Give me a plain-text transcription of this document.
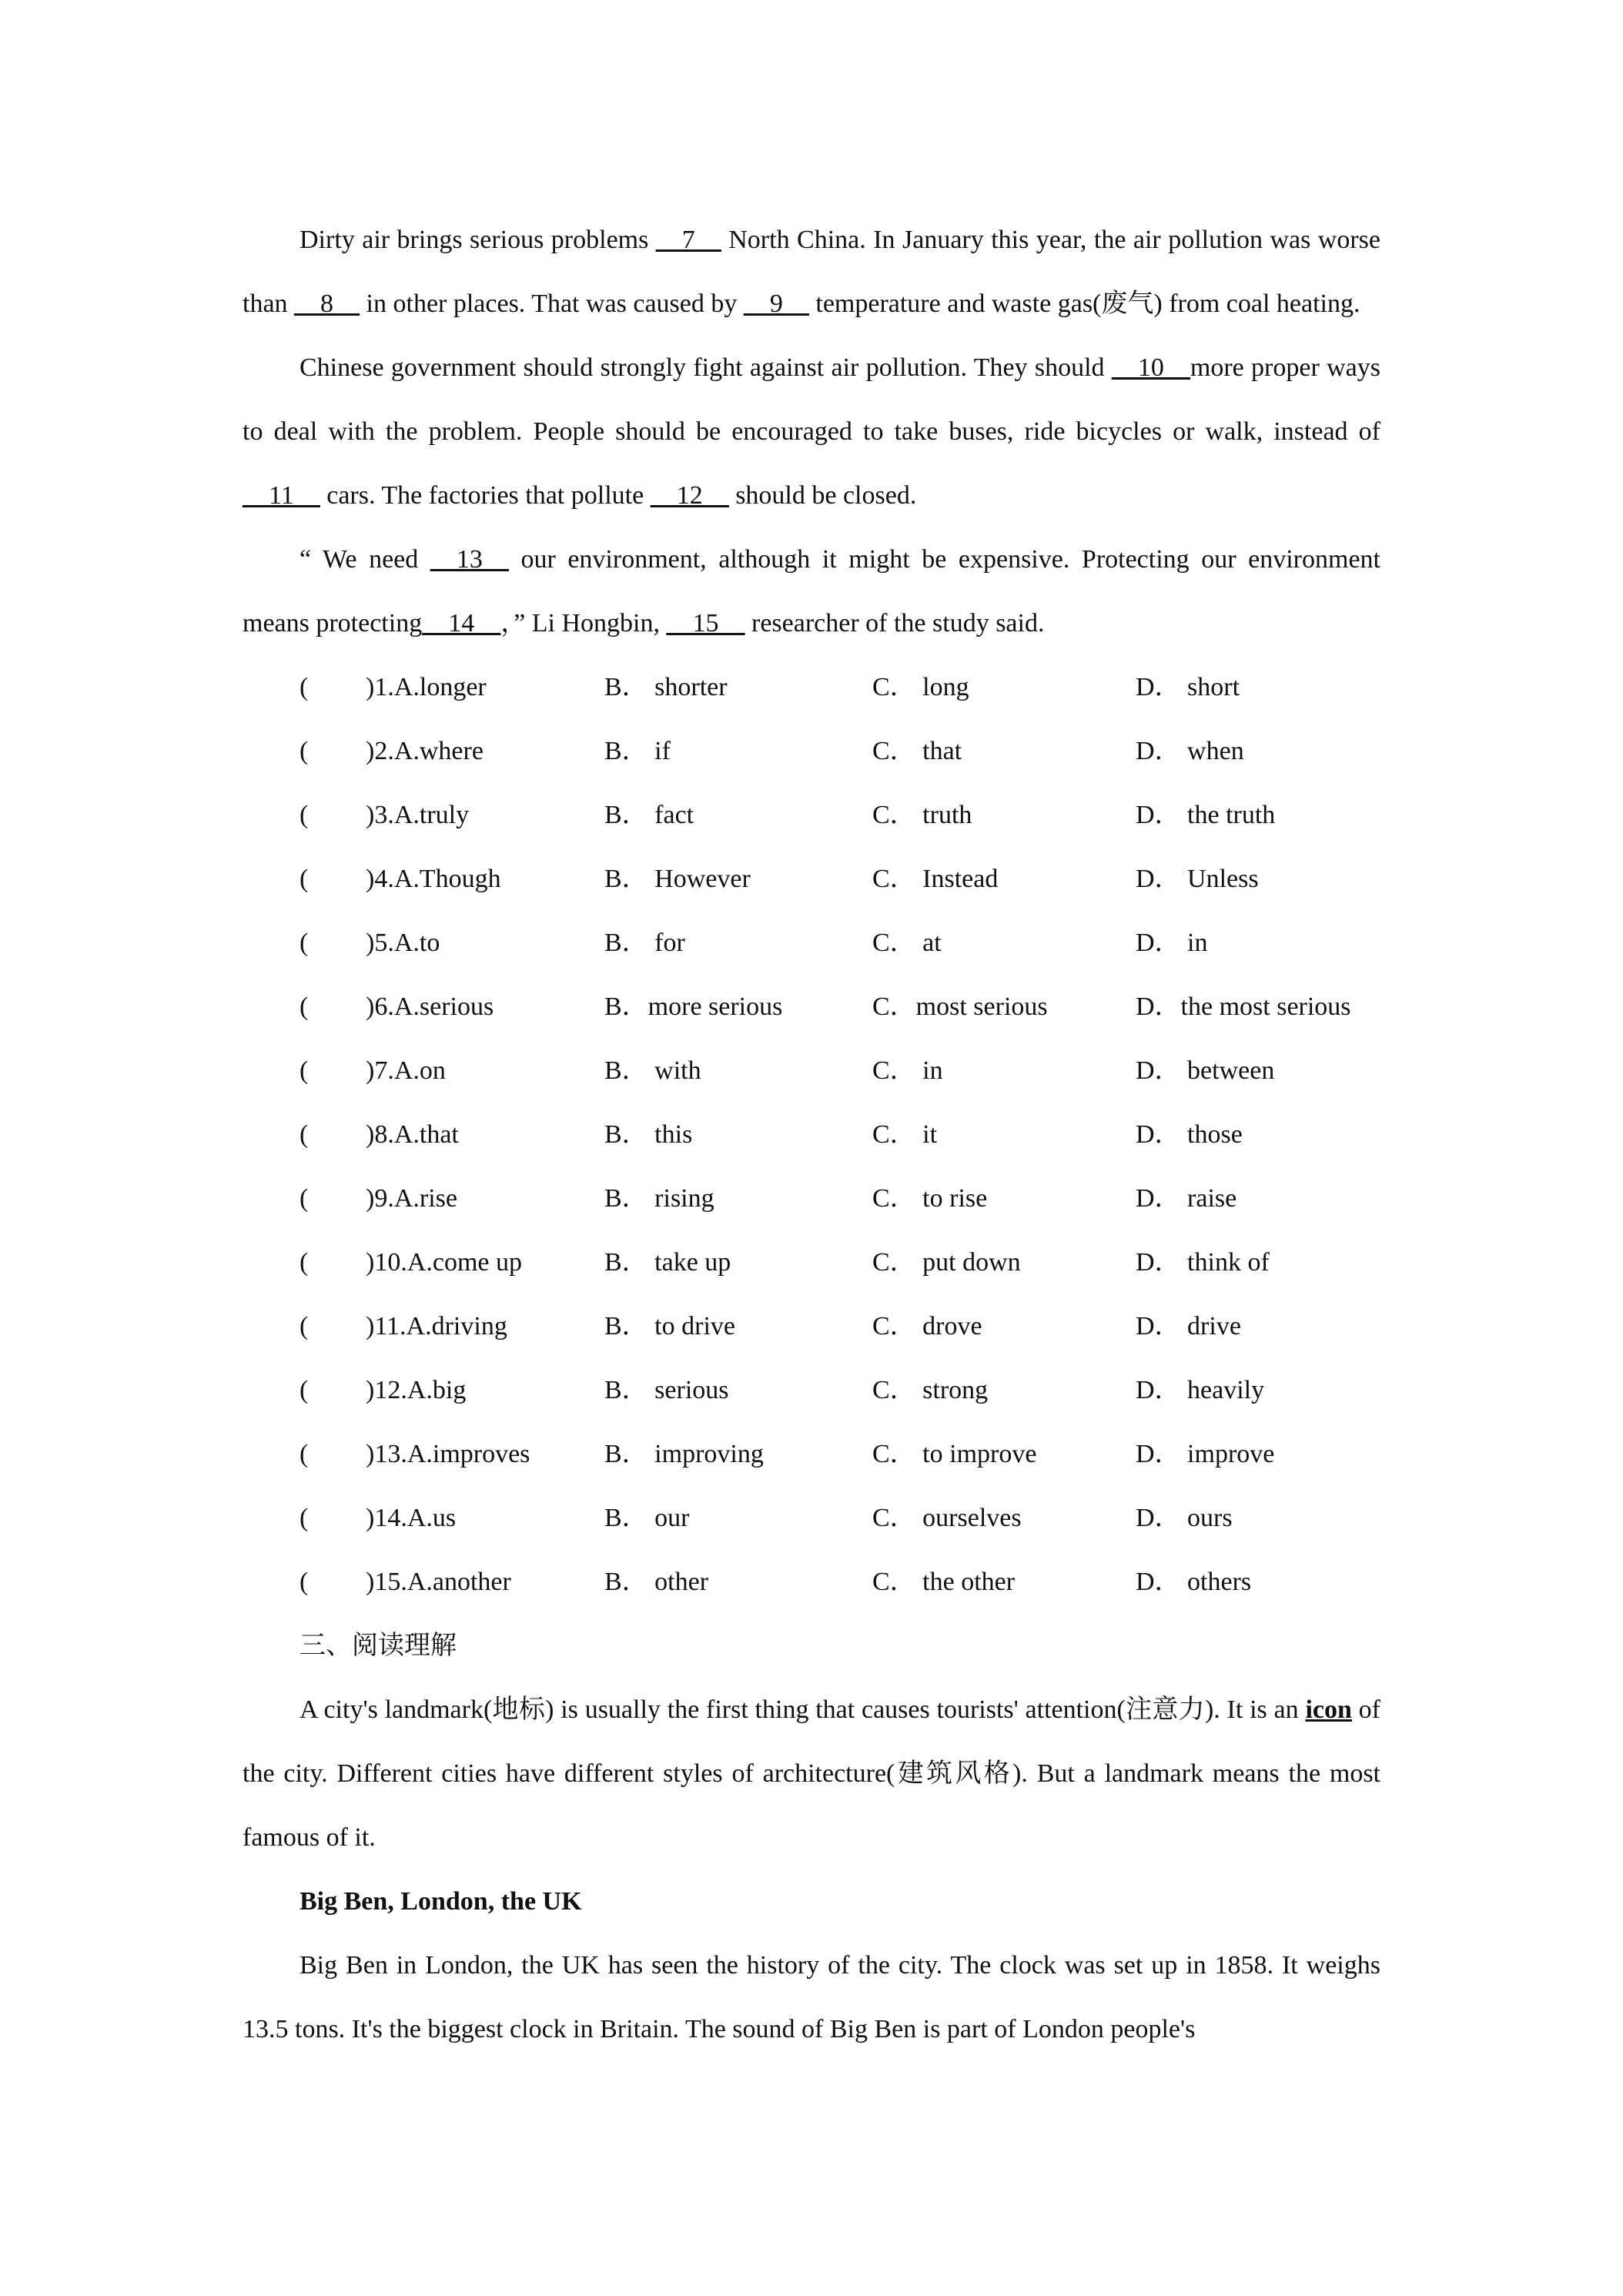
Dirty air brings serious problems __7__ North China. In January this year, the air pollution was worse than __8__ in other places. That was caused by __9__ temperature and waste gas(废气) from coal heating.

Chinese government should strongly fight against air pollution. They should __10__more proper ways to deal with the problem. People should be encouraged to take buses, ride bicycles or walk, instead of __11__ cars. The factories that pollute __12__ should be closed.

“ We need __13__ our environment, although it might be expensive. Protecting our environment means protecting__14__，” Li Hongbin, __15__ researcher of the study said.

( )1.A.longer	B． shorter	C． long	D． short
( )2.A.where	B． if	C． that	D． when
( )3.A.truly	B． fact	C． truth	D． the truth
( )4.A.Though	B． However	C． Instead	D． Unless
( )5.A.to	B． for	C． at	D． in
( )6.A.serious	B．more serious	C．most serious	D．the most serious
( )7.A.on	B． with	C． in	D． between
( )8.A.that	B． this	C． it	D． those
( )9.A.rise	B． rising	C． to rise	D． raise
( )10.A.come up	B． take up	C． put down	D． think of
( )11.A.driving	B． to drive	C． drove	D． drive
( )12.A.big	B． serious	C． strong	D． heavily
( )13.A.improves	B． improving	C． to improve	D． improve
( )14.A.us	B． our	C． ourselves	D． ours
( )15.A.another	B． other	C． the other	D． others

三、阅读理解

A city's landmark(地标) is usually the first thing that causes tourists' attention(注意力). It is an icon of the city. Different cities have different styles of architecture(建筑风格). But a landmark means the most famous of it.

Big Ben, London, the UK

Big Ben in London, the UK has seen the history of the city. The clock was set up in 1858. It weighs 13.5 tons. It's the biggest clock in Britain. The sound of Big Ben is part of London people's
